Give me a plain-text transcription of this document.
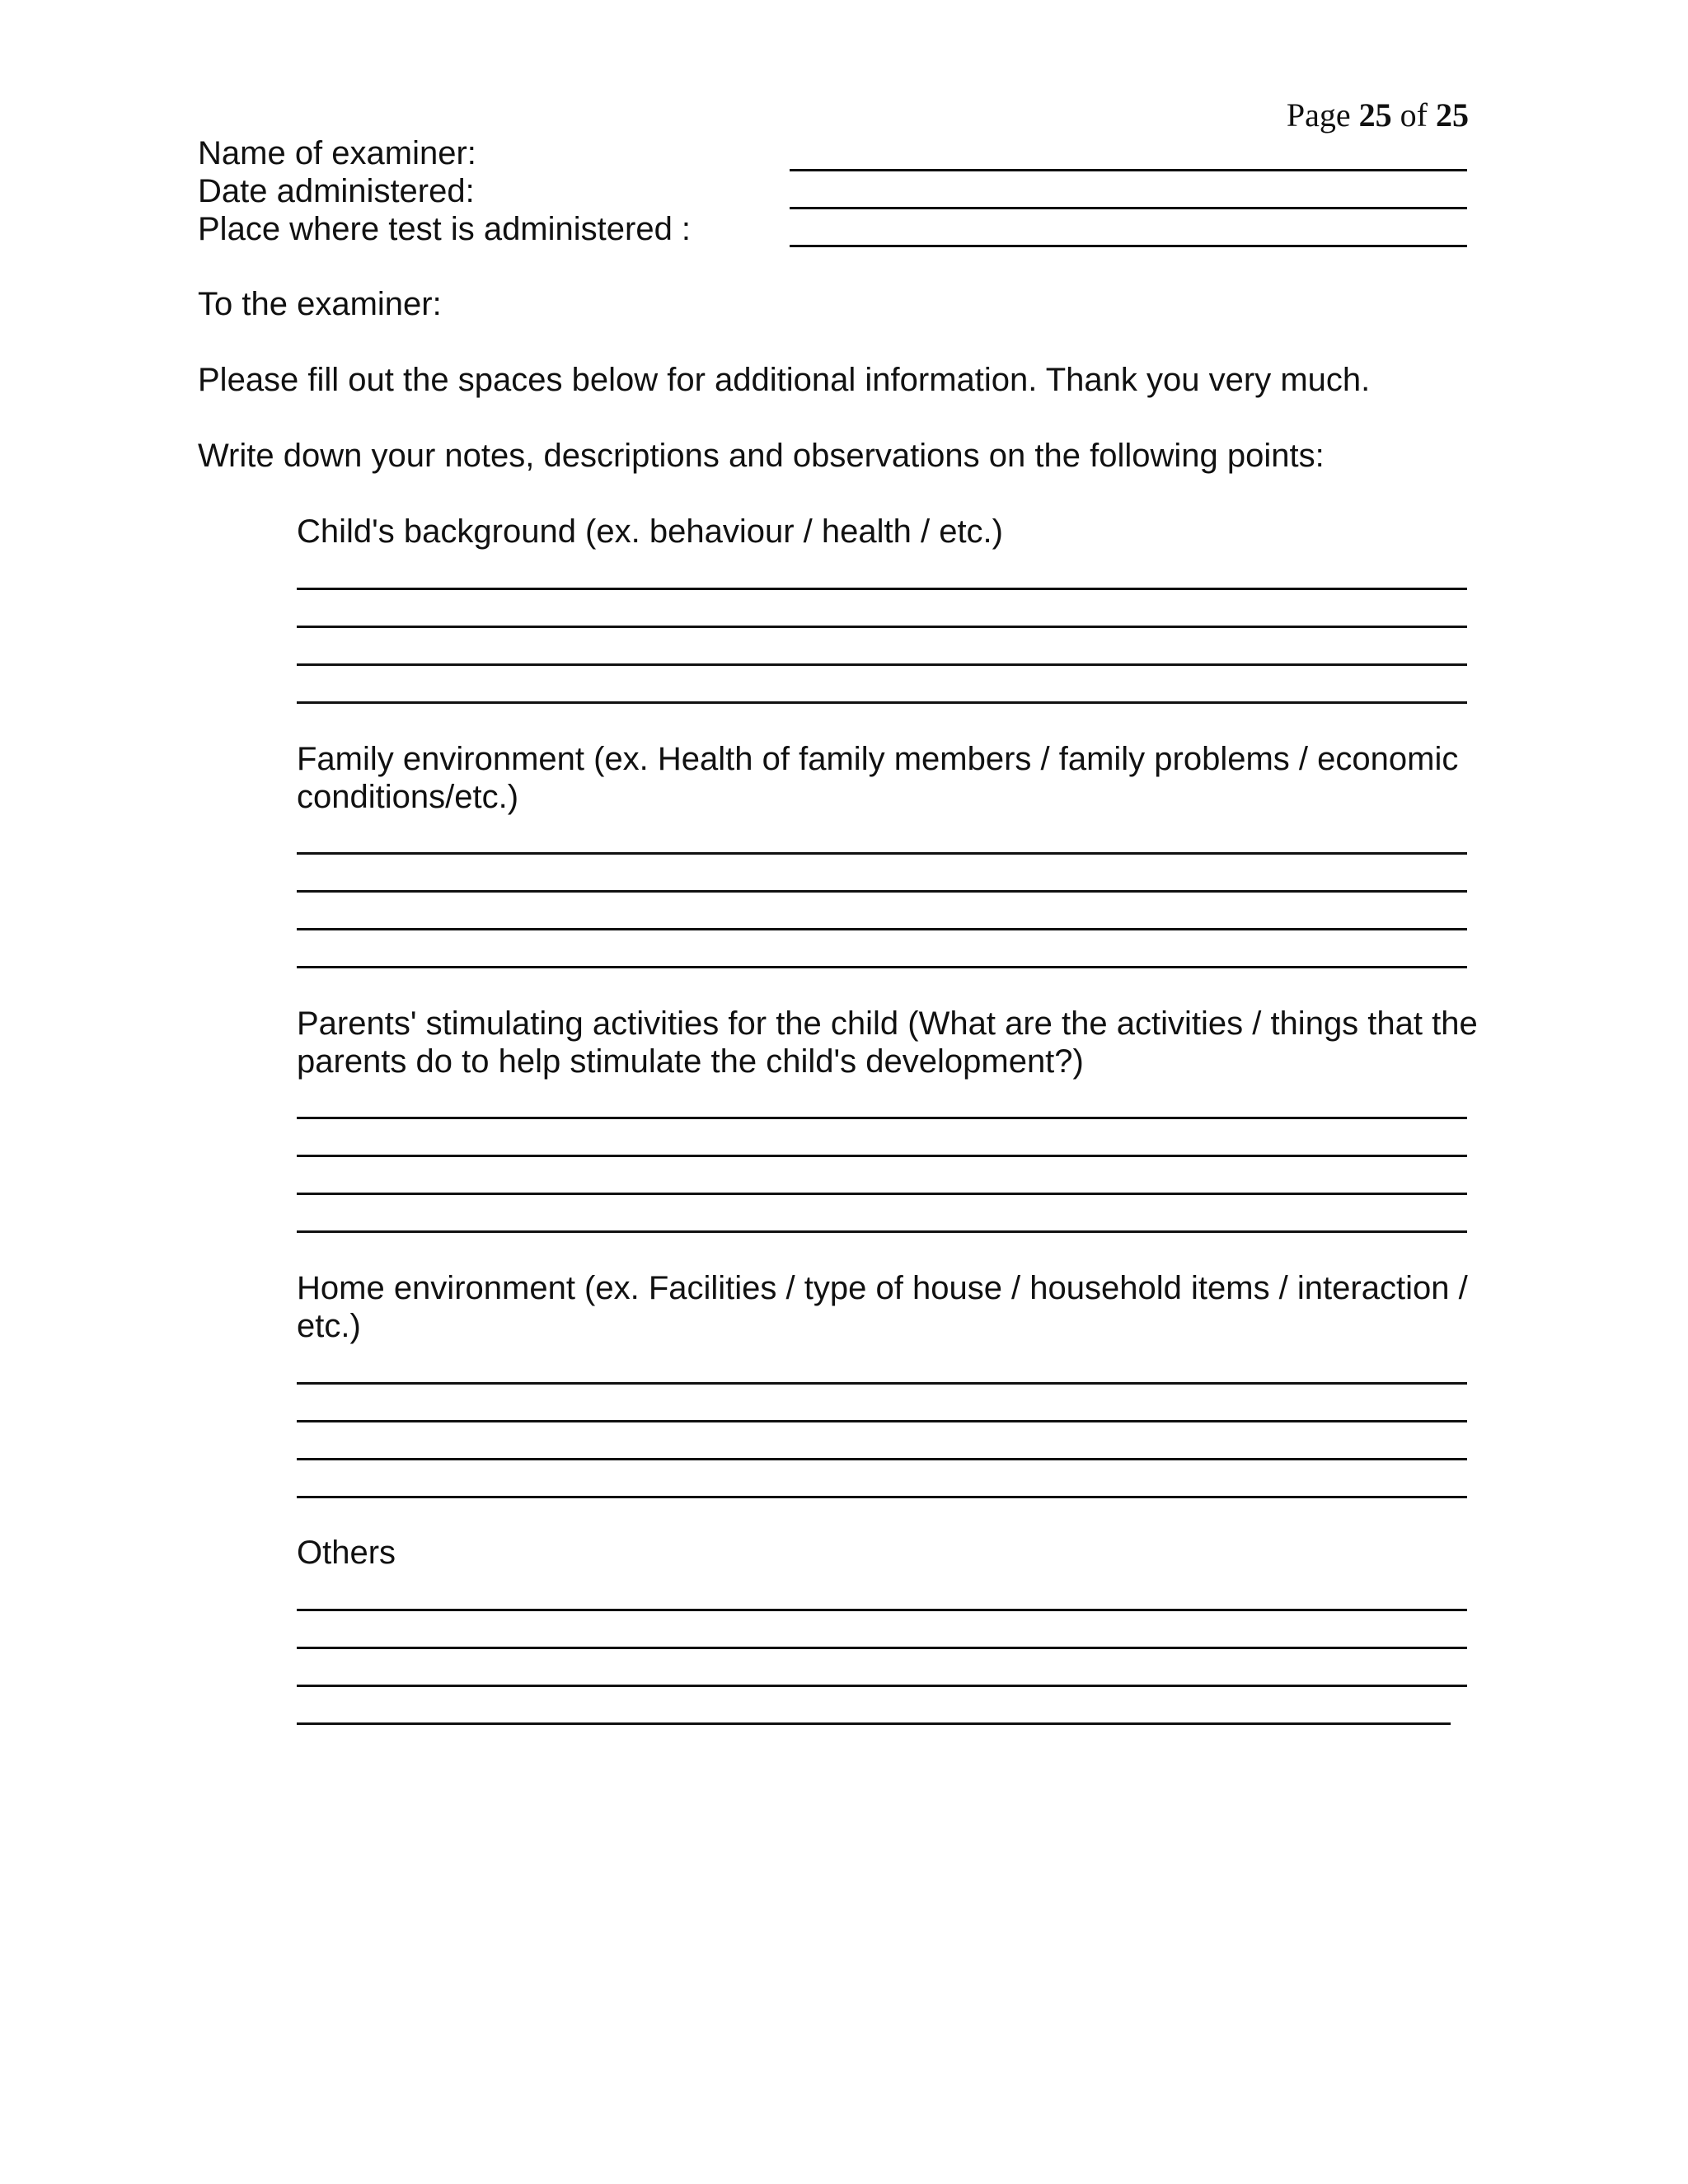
Page 25 of 25
Name of examiner:
Date administered:
Place where test is administered :
To the examiner:
Please fill out the spaces below for additional information. Thank you very much.
Write down your notes, descriptions and observations on the following points:
Child's background (ex. behaviour / health / etc.)
Family environment (ex. Health of family members / family problems / economic
conditions/etc.)
Parents' stimulating activities for the child (What are the activities / things that the
parents do to help stimulate the child's development?)
Home environment (ex. Facilities / type of house / household items / interaction /
etc.)
Others
